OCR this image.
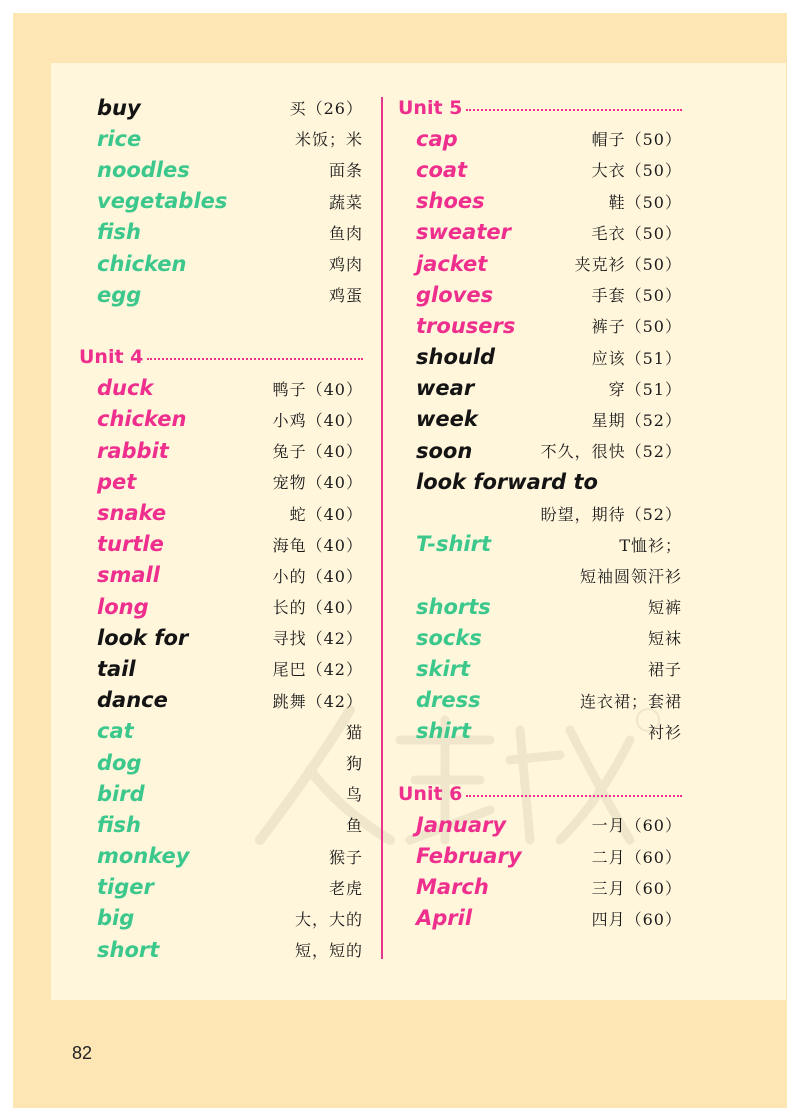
buy	买（26）
rice	米饭；米
noodles	面条
vegetables	蔬菜
fish	鱼肉
chicken	鸡肉
egg	鸡蛋
Unit 4
duck	鸭子（40）
chicken	小鸡（40）
rabbit	兔子（40）
pet	宠物（40）
snake	蛇（40）
turtle	海龟（40）
small	小的（40）
long	长的（40）
look for	寻找（42）
tail	尾巴（42）
dance	跳舞（42）
cat	猫
dog	狗
bird	鸟
fish	鱼
monkey	猴子
tiger	老虎
big	大，大的
short	短，短的
Unit 5
cap	帽子（50）
coat	大衣（50）
shoes	鞋（50）
sweater	毛衣（50）
jacket	夹克衫（50）
gloves	手套（50）
trousers	裤子（50）
should	应该（51）
wear	穿（51）
week	星期（52）
soon	不久，很快（52）
look forward to
盼望，期待（52）
T-shirt	T恤衫；
短袖圆领汗衫
shorts	短裤
socks	短袜
skirt	裙子
dress	连衣裙；套裙
shirt	衬衫
Unit 6
January	一月（60）
February	二月（60）
March	三月（60）
April	四月（60）
82
